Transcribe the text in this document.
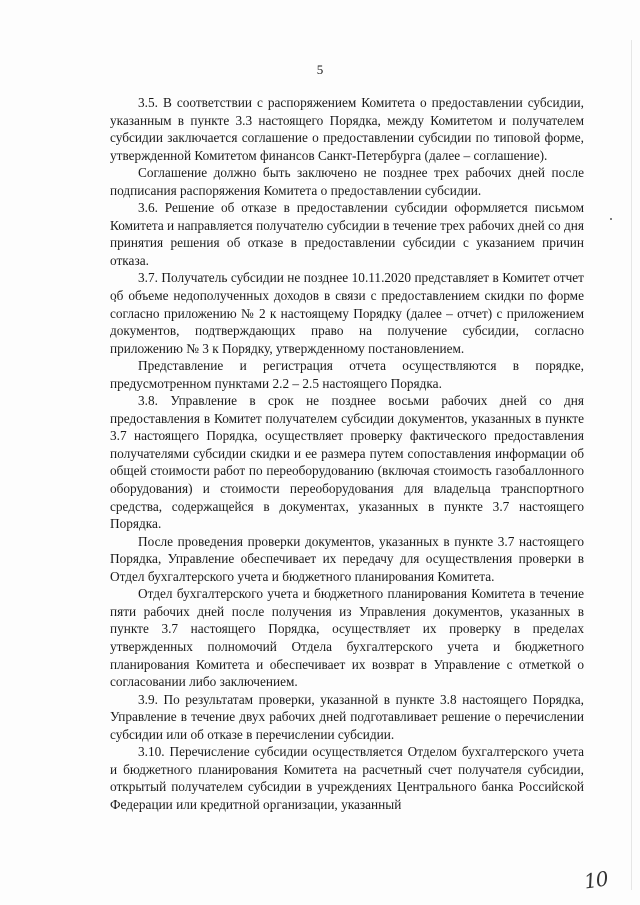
5

3.5. В соответствии с распоряжением Комитета о предоставлении субсидии, указанным в пункте 3.3 настоящего Порядка, между Комитетом и получателем субсидии заключается соглашение о предоставлении субсидии по типовой форме, утвержденной Комитетом финансов Санкт-Петербурга (далее – соглашение).

Соглашение должно быть заключено не позднее трех рабочих дней после подписания распоряжения Комитета о предоставлении субсидии.

3.6. Решение об отказе в предоставлении субсидии оформляется письмом Комитета и направляется получателю субсидии в течение трех рабочих дней со дня принятия решения об отказе в предоставлении субсидии с указанием причин отказа.

3.7. Получатель субсидии не позднее 10.11.2020 представляет в Комитет отчет об объеме недополученных доходов в связи с предоставлением скидки по форме согласно приложению № 2 к настоящему Порядку (далее – отчет) с приложением документов, подтверждающих право на получение субсидии, согласно приложению № 3 к Порядку, утвержденному постановлением.

Представление и регистрация отчета осуществляются в порядке, предусмотренном пунктами 2.2 – 2.5 настоящего Порядка.

3.8. Управление в срок не позднее восьми рабочих дней со дня предоставления в Комитет получателем субсидии документов, указанных в пункте 3.7 настоящего Порядка, осуществляет проверку фактического предоставления получателями субсидии скидки и ее размера путем сопоставления информации об общей стоимости работ по переоборудованию (включая стоимость газобаллонного оборудования) и стоимости переоборудования для владельца транспортного средства, содержащейся в документах, указанных в пункте 3.7 настоящего Порядка.

После проведения проверки документов, указанных в пункте 3.7 настоящего Порядка, Управление обеспечивает их передачу для осуществления проверки в Отдел бухгалтерского учета и бюджетного планирования Комитета.

Отдел бухгалтерского учета и бюджетного планирования Комитета в течение пяти рабочих дней после получения из Управления документов, указанных в пункте 3.7 настоящего Порядка, осуществляет их проверку в пределах утвержденных полномочий Отдела бухгалтерского учета и бюджетного планирования Комитета и обеспечивает их возврат в Управление с отметкой о согласовании либо заключением.

3.9. По результатам проверки, указанной в пункте 3.8 настоящего Порядка, Управление в течение двух рабочих дней подготавливает решение о перечислении субсидии или об отказе в перечислении субсидии.

3.10. Перечисление субсидии осуществляется Отделом бухгалтерского учета и бюджетного планирования Комитета на расчетный счет получателя субсидии, открытый получателем субсидии в учреждениях Центрального банка Российской Федерации или кредитной организации, указанный

10
